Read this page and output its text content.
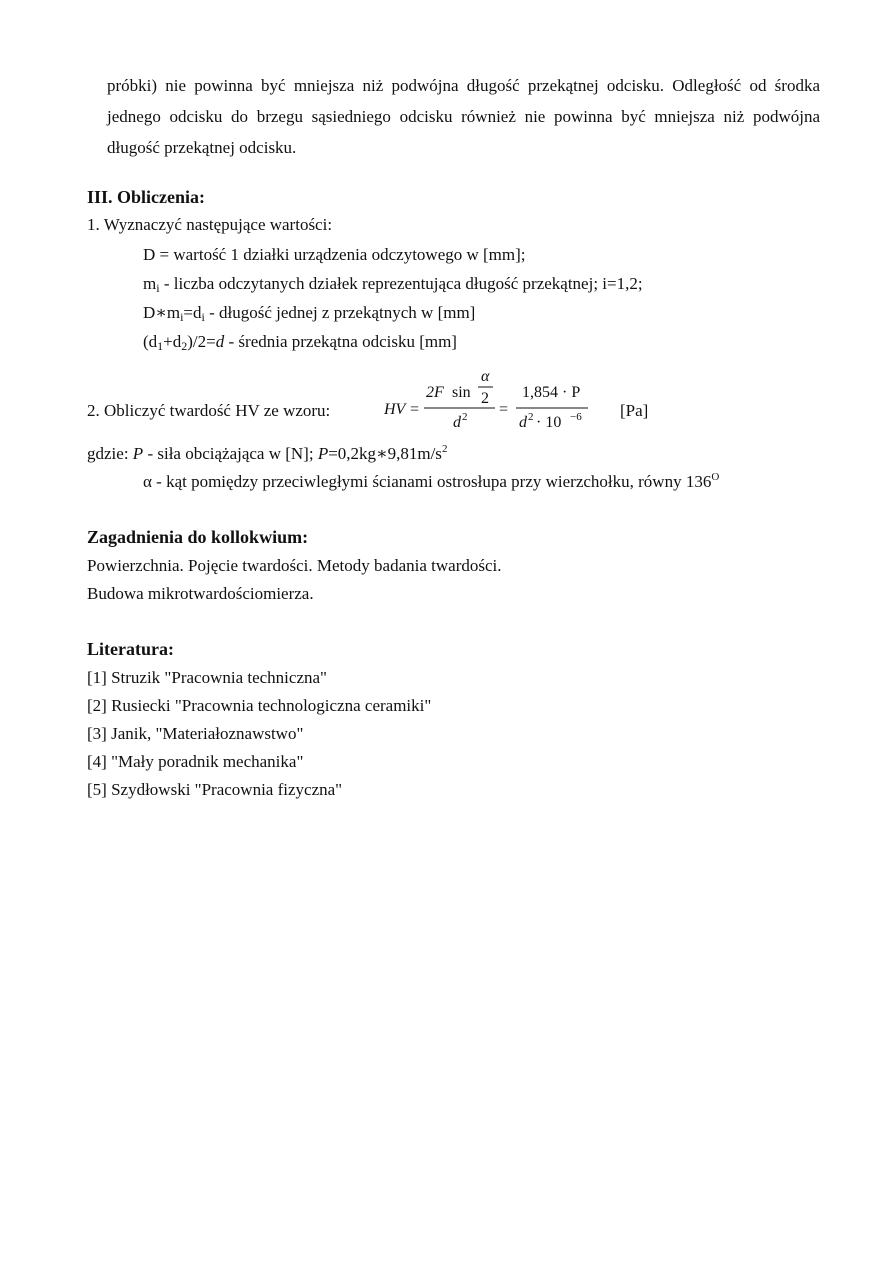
próbki) nie powinna być mniejsza niż podwójna długość przekątnej odcisku. Odległość od środka jednego odcisku do brzegu sąsiedniego odcisku również nie powinna być mniejsza niż podwójna długość przekątnej odcisku.

III. Obliczenia:

1. Wyznaczyć następujące wartości:

D = wartość 1 działki urządzenia odczytowego w [mm];

$m_i$ - liczba odczytanych działek reprezentująca długość przekątnej; i=1,2;

$D∗m_i=d_i$ - długość jednej z przekątnych w [mm]

$(d_1+d_2)/2=d$ - średnia przekątna odcisku [mm]

2. Obliczyć twardość HV ze wzoru:	HV =
2F sin
α
2
d 2 =
1,854 · P
d 2 · 10 −6 [Pa]

gdzie: P - siła obciążająca w [N]; $P=0,2kg∗9,81m/s^2$

α - kąt pomiędzy przeciwległymi ścianami ostrosłupa przy wierzchołku, równy $136^O$

Zagadnienia do kollokwium:

Powierzchnia. Pojęcie twardości. Metody badania twardości.

Budowa mikrotwardościomierza.

Literatura:

[1] Struzik "Pracownia techniczna"

[2] Rusiecki "Pracownia technologiczna ceramiki"

[3] Janik, "Materiałoznawstwo"

[4] "Mały poradnik mechanika"

[5] Szydłowski "Pracownia fizyczna"
